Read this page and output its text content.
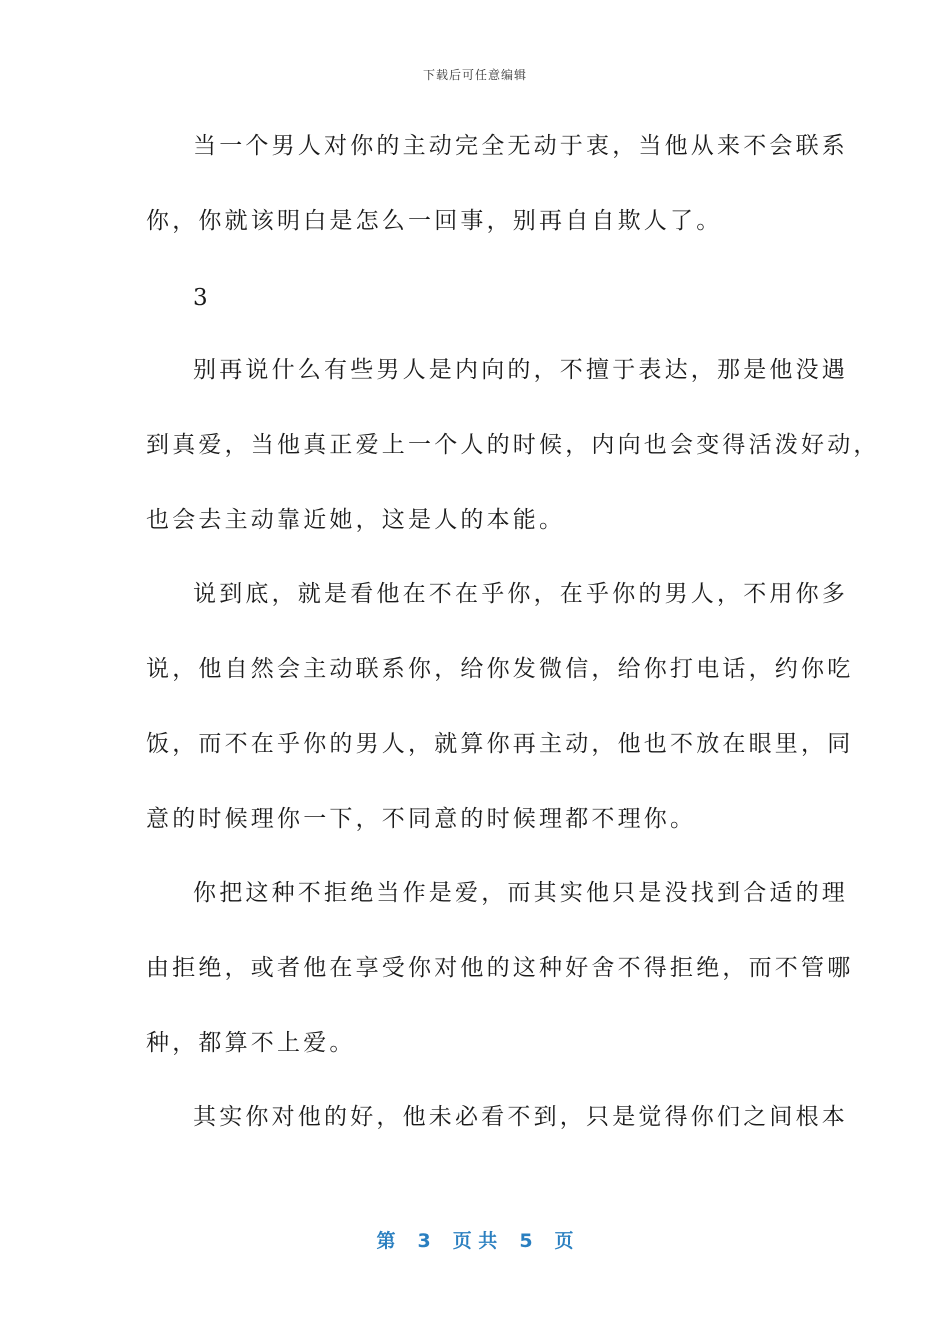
下载后可任意编辑
当一个男人对你的主动完全无动于衷，当他从来不会联系
你，你就该明白是怎么一回事，别再自自欺人了。
3
别再说什么有些男人是内向的，不擅于表达，那是他没遇
到真爱，当他真正爱上一个人的时候，内向也会变得活泼好动，
也会去主动靠近她，这是人的本能。
说到底，就是看他在不在乎你，在乎你的男人，不用你多
说，他自然会主动联系你，给你发微信，给你打电话，约你吃
饭，而不在乎你的男人，就算你再主动，他也不放在眼里，同
意的时候理你一下，不同意的时候理都不理你。
你把这种不拒绝当作是爱，而其实他只是没找到合适的理
由拒绝，或者他在享受你对他的这种好舍不得拒绝，而不管哪
种，都算不上爱。
其实你对他的好，他未必看不到，只是觉得你们之间根本
第 3 页 共 5 页
